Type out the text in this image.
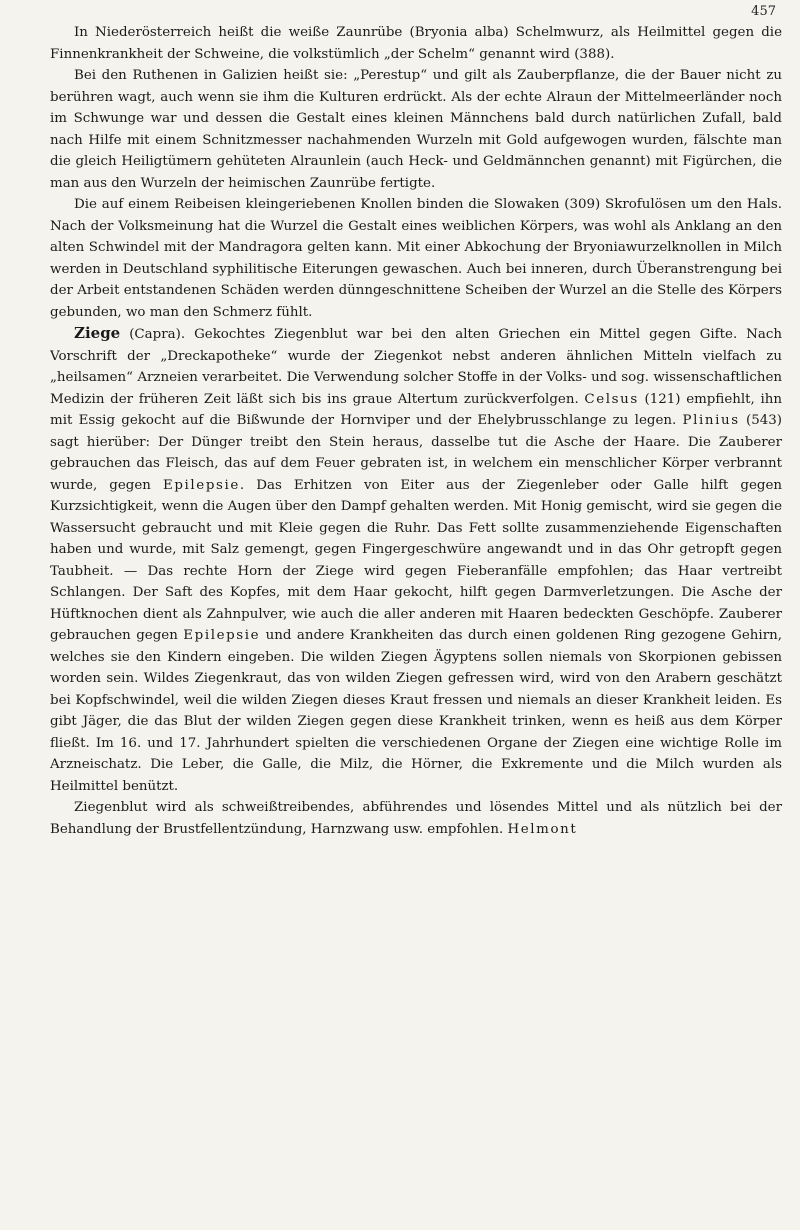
457

In Niederösterreich heißt die weiße Zaunrübe (Bryonia alba) Schelmwurz, als Heilmittel gegen die Finnenkrankheit der Schweine, die volkstümlich „der Schelm“ genannt wird (388).

Bei den Ruthenen in Galizien heißt sie: „Perestup“ und gilt als Zauberpflanze, die der Bauer nicht zu berühren wagt, auch wenn sie ihm die Kulturen erdrückt. Als der echte Alraun der Mittelmeerländer noch im Schwunge war und dessen die Gestalt eines kleinen Männchens bald durch natürlichen Zufall, bald nach Hilfe mit einem Schnitzmesser nachahmenden Wurzeln mit Gold aufgewogen wurden, fälschte man die gleich Heiligtümern gehüteten Alraunlein (auch Heck- und Geldmännchen genannt) mit Figürchen, die man aus den Wurzeln der heimischen Zaunrübe fertigte.

Die auf einem Reibeisen kleingeriebenen Knollen binden die Slowaken (309) Skrofulösen um den Hals. Nach der Volksmeinung hat die Wurzel die Gestalt eines weiblichen Körpers, was wohl als Anklang an den alten Schwindel mit der Mandragora gelten kann. Mit einer Abkochung der Bryoniawurzelknollen in Milch werden in Deutschland syphilitische Eiterungen gewaschen. Auch bei inneren, durch Überanstrengung bei der Arbeit entstandenen Schäden werden dünngeschnittene Scheiben der Wurzel an die Stelle des Körpers gebunden, wo man den Schmerz fühlt.

Ziege (Capra). Gekochtes Ziegenblut war bei den alten Griechen ein Mittel gegen Gifte. Nach Vorschrift der „Dreckapotheke“ wurde der Ziegenkot nebst anderen ähnlichen Mitteln vielfach zu „heilsamen“ Arzneien verarbeitet. Die Verwendung solcher Stoffe in der Volks- und sog. wissenschaftlichen Medizin der früheren Zeit läßt sich bis ins graue Altertum zurückverfolgen. Celsus (121) empfiehlt, ihn mit Essig gekocht auf die Bißwunde der Hornviper und der Ehelybrusschlange zu legen. Plinius (543) sagt hierüber: Der Dünger treibt den Stein heraus, dasselbe tut die Asche der Haare. Die Zauberer gebrauchen das Fleisch, das auf dem Feuer gebraten ist, in welchem ein menschlicher Körper verbrannt wurde, gegen Epilepsie. Das Erhitzen von Eiter aus der Ziegenleber oder Galle hilft gegen Kurzsichtigkeit, wenn die Augen über den Dampf gehalten werden. Mit Honig gemischt, wird sie gegen die Wassersucht gebraucht und mit Kleie gegen die Ruhr. Das Fett sollte zusammenziehende Eigenschaften haben und wurde, mit Salz gemengt, gegen Fingergeschwüre angewandt und in das Ohr getropft gegen Taubheit. — Das rechte Horn der Ziege wird gegen Fieberanfälle empfohlen; das Haar vertreibt Schlangen. Der Saft des Kopfes, mit dem Haar gekocht, hilft gegen Darmverletzungen. Die Asche der Hüftknochen dient als Zahnpulver, wie auch die aller anderen mit Haaren bedeckten Geschöpfe. Zauberer gebrauchen gegen Epilepsie und andere Krankheiten das durch einen goldenen Ring gezogene Gehirn, welches sie den Kindern eingeben. Die wilden Ziegen Ägyptens sollen niemals von Skorpionen gebissen worden sein. Wildes Ziegenkraut, das von wilden Ziegen gefressen wird, wird von den Arabern geschätzt bei Kopfschwindel, weil die wilden Ziegen dieses Kraut fressen und niemals an dieser Krankheit leiden. Es gibt Jäger, die das Blut der wilden Ziegen gegen diese Krankheit trinken, wenn es heiß aus dem Körper fließt. Im 16. und 17. Jahrhundert spielten die verschiedenen Organe der Ziegen eine wichtige Rolle im Arzneischatz. Die Leber, die Galle, die Milz, die Hörner, die Exkremente und die Milch wurden als Heilmittel benützt.

Ziegenblut wird als schweißtreibendes, abführendes und lösendes Mittel und als nützlich bei der Behandlung der Brustfellentzündung, Harnzwang usw. empfohlen. Helmont
